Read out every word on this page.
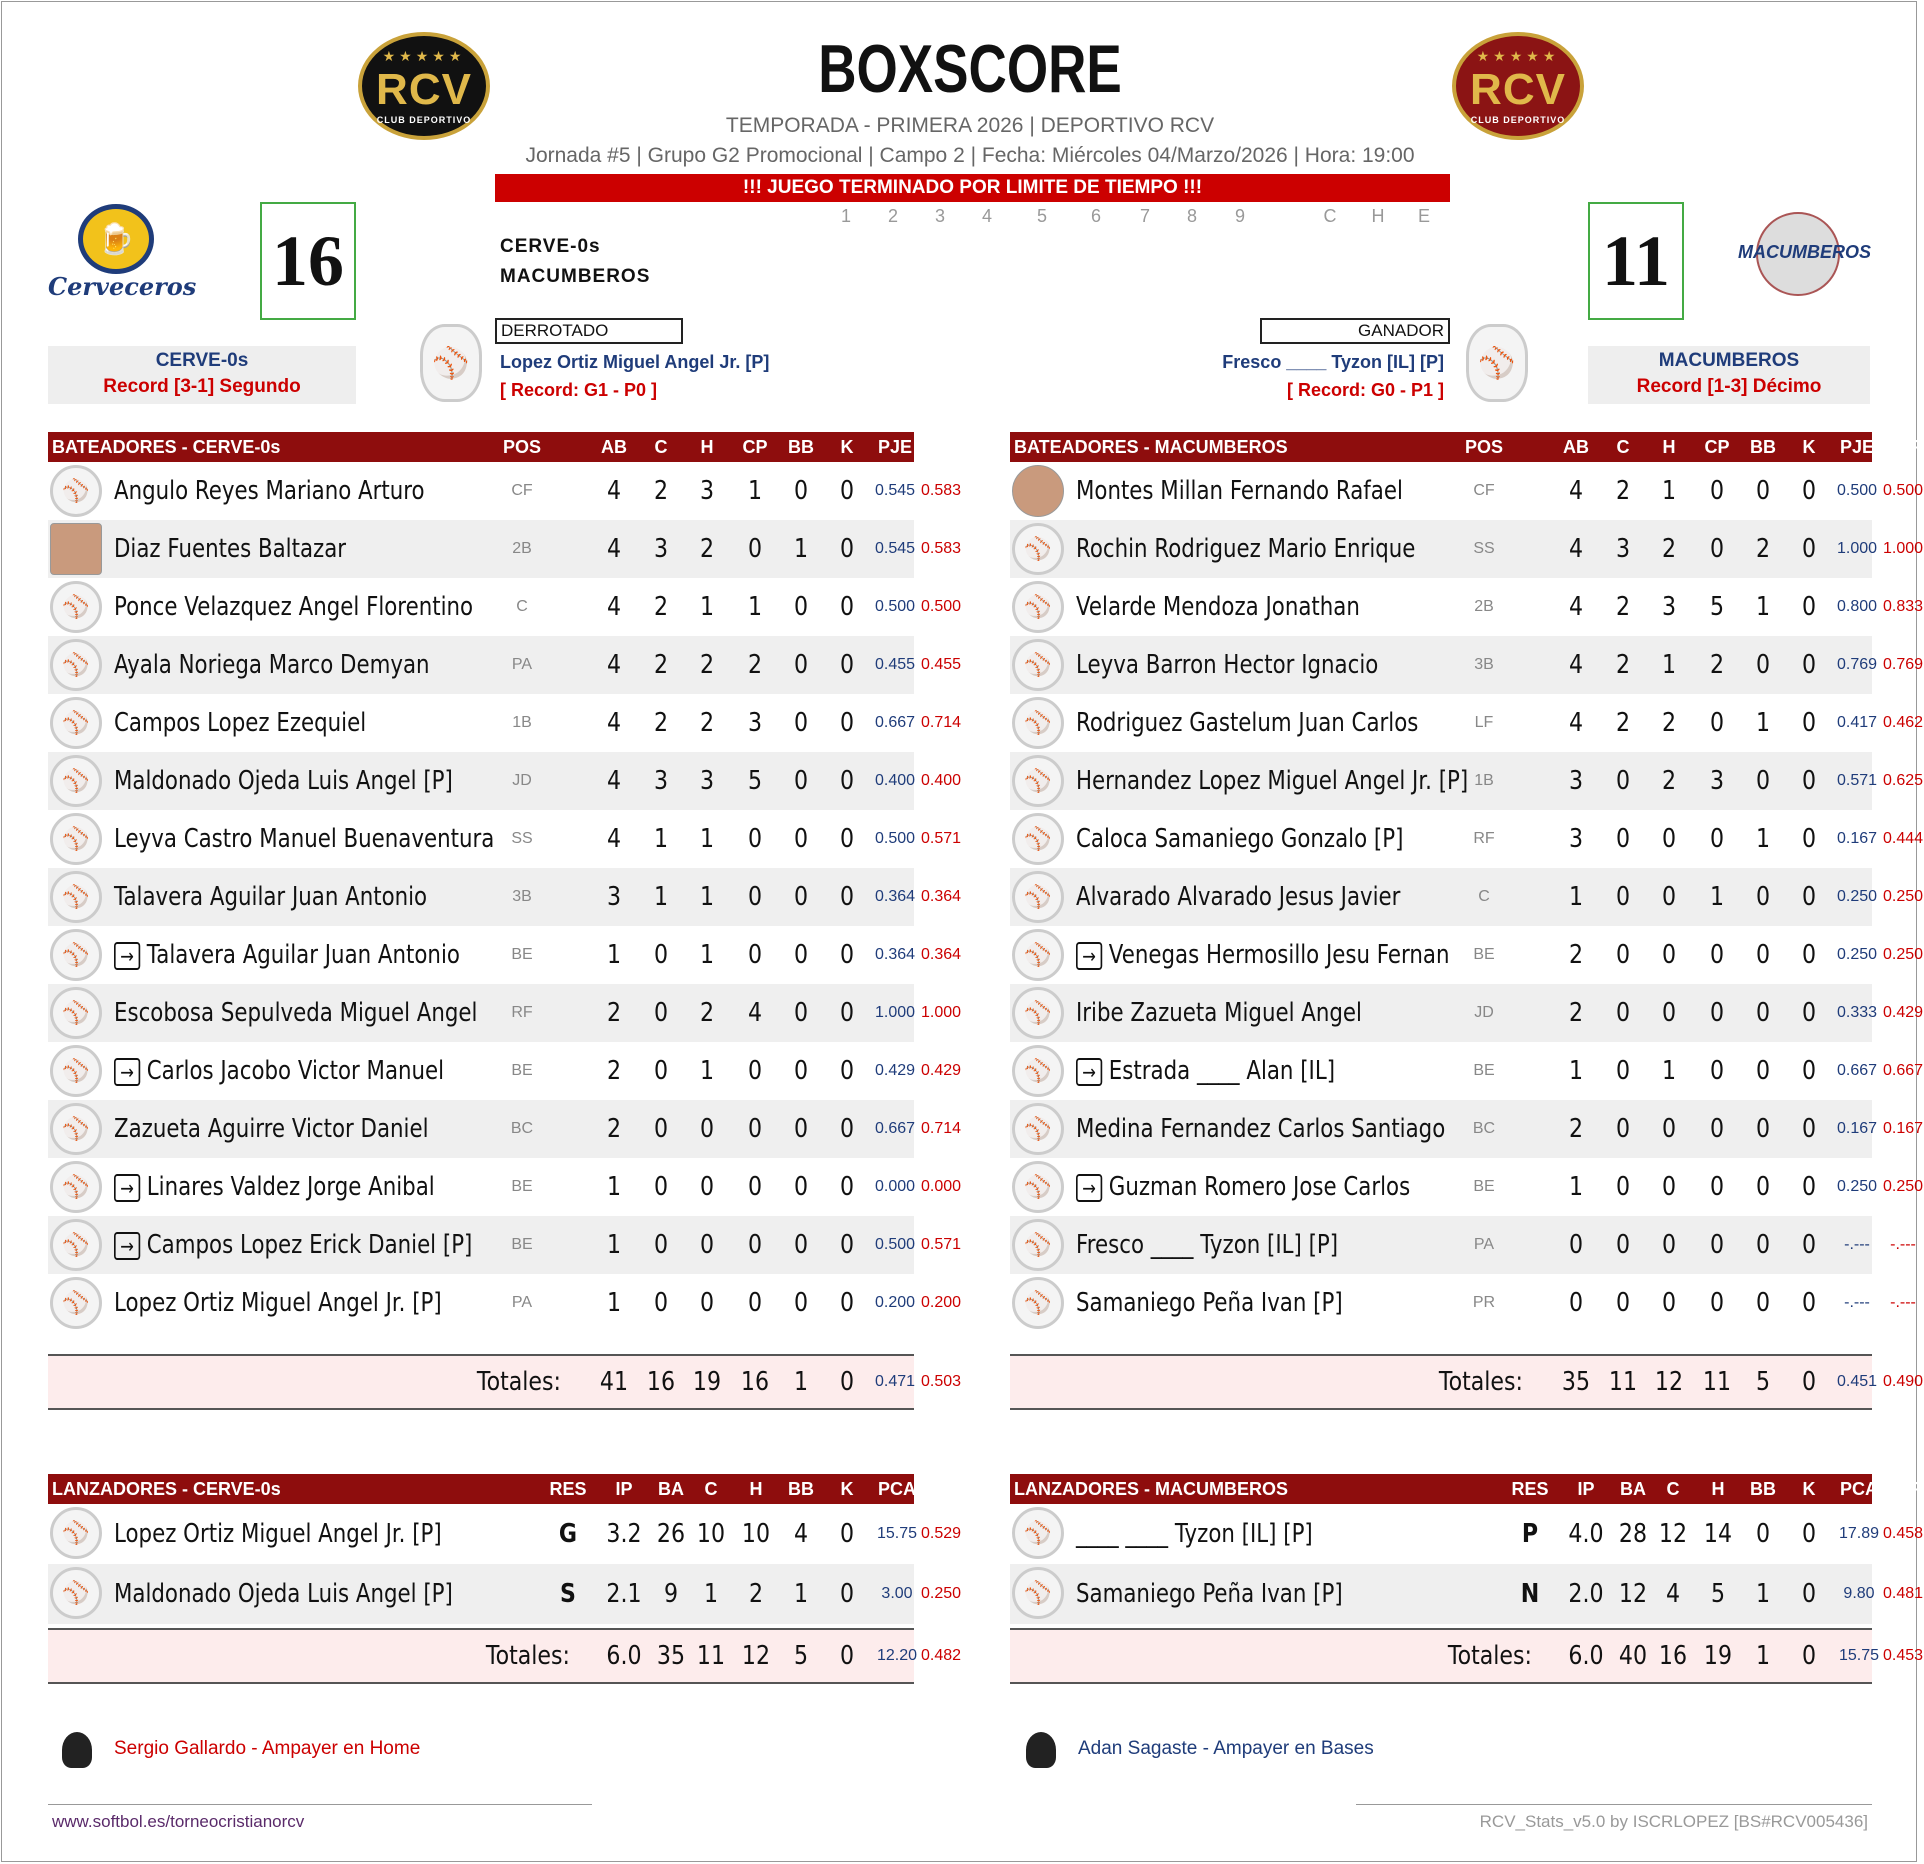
★★★★★
RCV
CLUB DEPORTIVO
★★★★★
RCV
CLUB DEPORTIVO
BOXSCORE
TEMPORADA - PRIMERA 2026 | DEPORTIVO RCV
Jornada #5 | Grupo G2 Promocional | Campo 2 | Fecha: Miércoles 04/Marzo/2026 | Hora: 19:00
!!! JUEGO TERMINADO POR LIMITE DE TIEMPO !!!
🍺
Cerveceros
MACUMBEROS
16	11
1	2	3	4	5	6	7	8	9	C	H	E
CERVE-0s
MACUMBEROS
CERVE-0s
Record [3-1] Segundo
MACUMBEROS
Record [1-3] Décimo
⚾
DERROTADO
Lopez Ortiz Miguel Angel Jr. [P]
[ Record: G1 - P0 ]
GANADOR
Fresco ____ Tyzon [IL] [P]
[ Record: G0 - P1 ]
⚾
BATEADORES - CERVE-0s	POS	AB	C	H	CP	BB	K	PJE OBP
⚾ Angulo Reyes Mariano Arturo	CF	4	2	3	1	0	0	0.545 0.583
Diaz Fuentes Baltazar	2B	4	3	2	0	1	0	0.545 0.583
⚾ Ponce Velazquez Angel Florentino	C	4	2	1	1	0	0	0.500 0.500
⚾ Ayala Noriega Marco Demyan	PA	4	2	2	2	0	0	0.455 0.455
⚾ Campos Lopez Ezequiel	1B	4	2	2	3	0	0	0.667 0.714
⚾ Maldonado Ojeda Luis Angel [P]	JD	4	3	3	5	0	0	0.400 0.400
⚾ Leyva Castro Manuel Buenaventura	SS	4	1	1	0	0	0	0.500 0.571
⚾ Talavera Aguilar Juan Antonio	3B	3	1	1	0	0	0	0.364 0.364
⚾	→ Talavera Aguilar Juan Antonio	BE	1	0	1	0	0	0	0.364 0.364
⚾ Escobosa Sepulveda Miguel Angel	RF	2	0	2	4	0	0	1.000 1.000
⚾	→ Carlos Jacobo Victor Manuel	BE	2	0	1	0	0	0	0.429 0.429
⚾ Zazueta Aguirre Victor Daniel	BC	2	0	0	0	0	0	0.667 0.714
⚾	→ Linares Valdez Jorge Anibal	BE	1	0	0	0	0	0	0.000 0.000
⚾	→ Campos Lopez Erick Daniel [P]	BE	1	0	0	0	0	0	0.500 0.571
⚾ Lopez Ortiz Miguel Angel Jr. [P]	PA	1	0	0	0	0	0	0.200 0.200
Totales: 41 16 19 16 1	0	0.471 0.503
BATEADORES - MACUMBEROS	POS	AB	C	H	CP	BB	K	PJE OBP
Montes Millan Fernando Rafael	CF	4	2	1	0	0	0	0.500 0.500
⚾ Rochin Rodriguez Mario Enrique	SS	4	3	2	0	2	0	1.000 1.000
⚾ Velarde Mendoza Jonathan	2B	4	2	3	5	1	0	0.800 0.833
⚾ Leyva Barron Hector Ignacio	3B	4	2	1	2	0	0	0.769 0.769
⚾ Rodriguez Gastelum Juan Carlos	LF	4	2	2	0	1	0	0.417 0.462
⚾ Hernandez Lopez Miguel Angel Jr. [P] 1B	3	0	2	3	0	0	0.571 0.625
⚾ Caloca Samaniego Gonzalo [P]	RF	3	0	0	0	1	0	0.167 0.444
⚾ Alvarado Alvarado Jesus Javier	C	1	0	0	1	0	0	0.250 0.250
⚾	→ Venegas Hermosillo Jesu Fernan	BE	2	0	0	0	0	0	0.250 0.250
⚾ Iribe Zazueta Miguel Angel	JD	2	0	0	0	0	0	0.333 0.429
⚾	→ Estrada ____ Alan [IL]	BE	1	0	1	0	0	0	0.667 0.667
⚾ Medina Fernandez Carlos Santiago	BC	2	0	0	0	0	0	0.167 0.167
⚾	→ Guzman Romero Jose Carlos	BE	1	0	0	0	0	0	0.250 0.250
⚾ Fresco ____ Tyzon [IL] [P]	PA	0	0	0	0	0	0	-.---	-.---
⚾ Samaniego Peña Ivan [P]	PR	0	0	0	0	0	0	-.---	-.---
Totales: 35 11 12 11 5	0	0.451 0.490
LANZADORES - CERVE-0s	RES	IP	BA	C	H	BB	K	PCA POP
⚾ Lopez Ortiz Miguel Angel Jr. [P]	G	3.2 26 10 10 4	0	15.75 0.529
⚾ Maldonado Ojeda Luis Angel [P]	S	2.1 9 1	2	1	0	3.00 0.250
Totales: 6.0 35 11 12 5	0	12.20 0.482
LANZADORES - MACUMBEROS	RES	IP	BA	C	H	BB	K	PCA POP
⚾ ____ ____ Tyzon [IL] [P]	P	4.0 28 12 14 0	0	17.89 0.458
⚾ Samaniego Peña Ivan [P]	N	2.0 12 4	5	1	0	9.80 0.481
Totales: 6.0 40 16 19 1	0	15.75 0.453
Sergio Gallardo - Ampayer en Home	Adan Sagaste - Ampayer en Bases
www.softbol.es/torneocristianorcv	RCV_Stats_v5.0 by ISCRLOPEZ [BS#RCV005436]
